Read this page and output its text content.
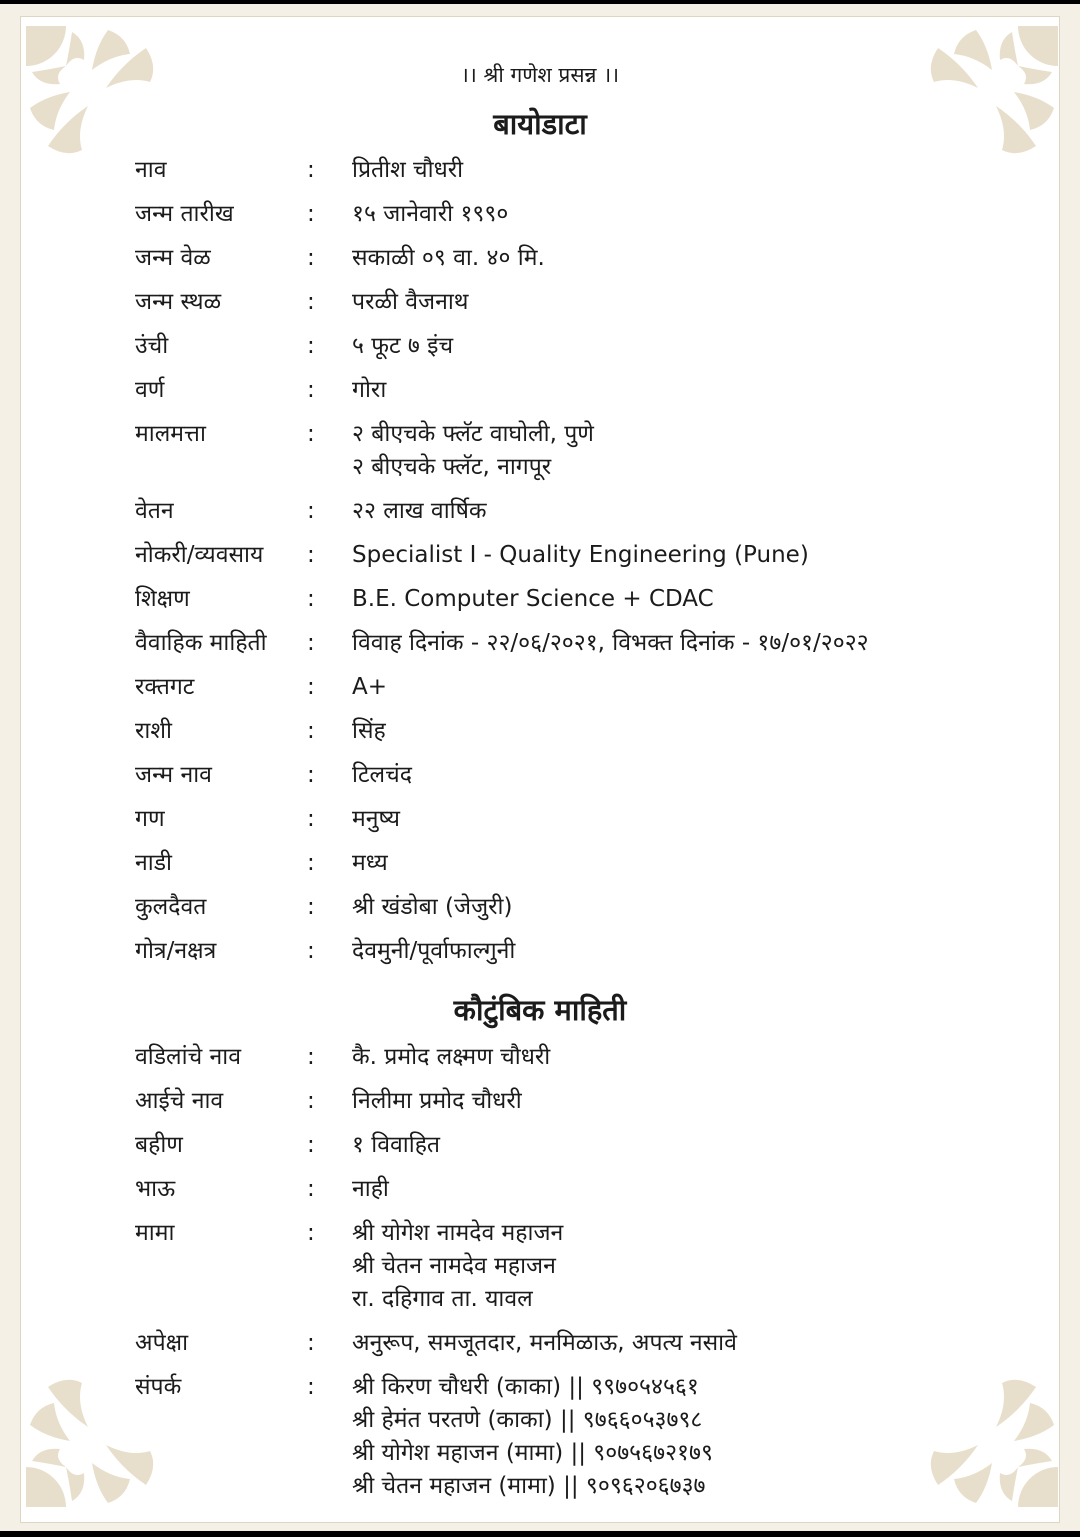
।। श्री गणेश प्रसन्न ।।
बायोडाटा
नाव	: प्रितीश चौधरी
जन्म तारीख	: १५ जानेवारी १९९०
जन्म वेळ	: सकाळी ०९ वा. ४० मि.
जन्म स्थळ	: परळी वैजनाथ
उंची	: ५ फूट ७ इंच
वर्ण	: गोरा
मालमत्ता	: २ बीएचके फ्लॅट वाघोली, पुणे
२ बीएचके फ्लॅट, नागपूर
वेतन	: २२ लाख वार्षिक
नोकरी/व्यवसाय	: Specialist I - Quality Engineering (Pune)
शिक्षण	: B.E. Computer Science + CDAC
वैवाहिक माहिती	: विवाह दिनांक - २२/०६/२०२१, विभक्त दिनांक - १७/०१/२०२२
रक्तगट	: A+
राशी	: सिंह
जन्म नाव	: टिलचंद
गण	: मनुष्य
नाडी	: मध्य
कुलदैवत	: श्री खंडोबा (जेजुरी)
गोत्र/नक्षत्र	: देवमुनी/पूर्वाफाल्गुनी
कौटुंबिक माहिती
वडिलांचे नाव	: कै. प्रमोद लक्ष्मण चौधरी
आईचे नाव	: निलीमा प्रमोद चौधरी
बहीण	: १ विवाहित
भाऊ	: नाही
मामा	: श्री योगेश नामदेव महाजन
श्री चेतन नामदेव महाजन
रा. दहिगाव ता. यावल
अपेक्षा	: अनुरूप, समजूतदार, मनमिळाऊ, अपत्य नसावे
संपर्क	: श्री किरण चौधरी (काका) || ९९७०५४५६१
श्री हेमंत परतणे (काका) || ९७६६०५३७९८
श्री योगेश महाजन (मामा) || ९०७५६७२१७९
श्री चेतन महाजन (मामा) || ९०९६२०६७३७
